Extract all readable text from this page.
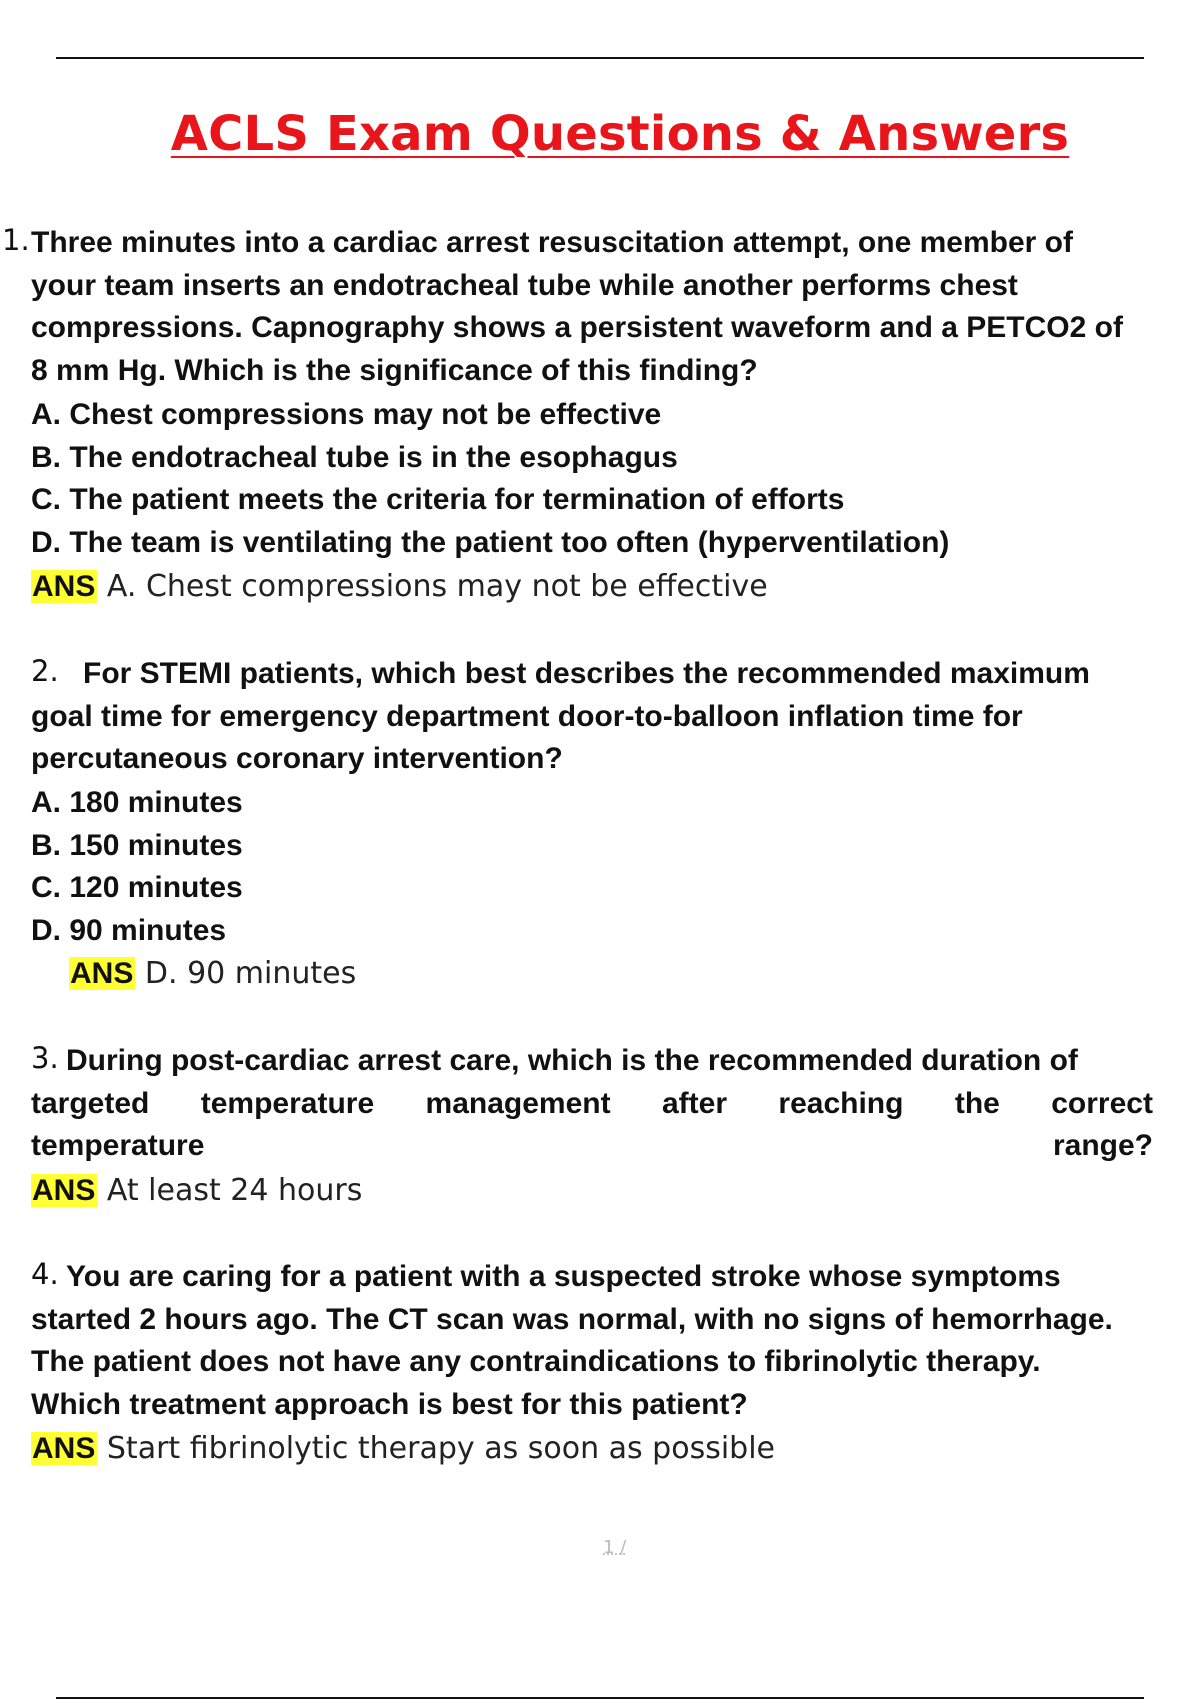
ACLS Exam Questions & Answers
1. Three minutes into a cardiac arrest resuscitation attempt, one member of
your team inserts an endotracheal tube while another performs chest
compressions. Capnography shows a persistent waveform and a PETCO2 of
8 mm Hg. Which is the significance of this finding?
A. Chest compressions may not be effective
B. The endotracheal tube is in the esophagus
C. The patient meets the criteria for termination of efforts
D. The team is ventilating the patient too often (hyperventilation)
ANS A. Chest compressions may not be effective
2. For STEMI patients, which best describes the recommended maximum
goal time for emergency department door-to-balloon inflation time for
percutaneous coronary intervention?
A. 180 minutes
B. 150 minutes
C. 120 minutes
D. 90 minutes
ANS D. 90 minutes
3. During post-cardiac arrest care, which is the recommended duration of
targeted temperature management after reaching the correct
temperature	range?
ANS At least 24 hours
4. You are caring for a patient with a suspected stroke whose symptoms
started 2 hours ago. The CT scan was normal, with no signs of hemorrhage.
The patient does not have any contraindications to fibrinolytic therapy.
Which treatment approach is best for this patient?
ANS Start fibrinolytic therapy as soon as possible
1 /
